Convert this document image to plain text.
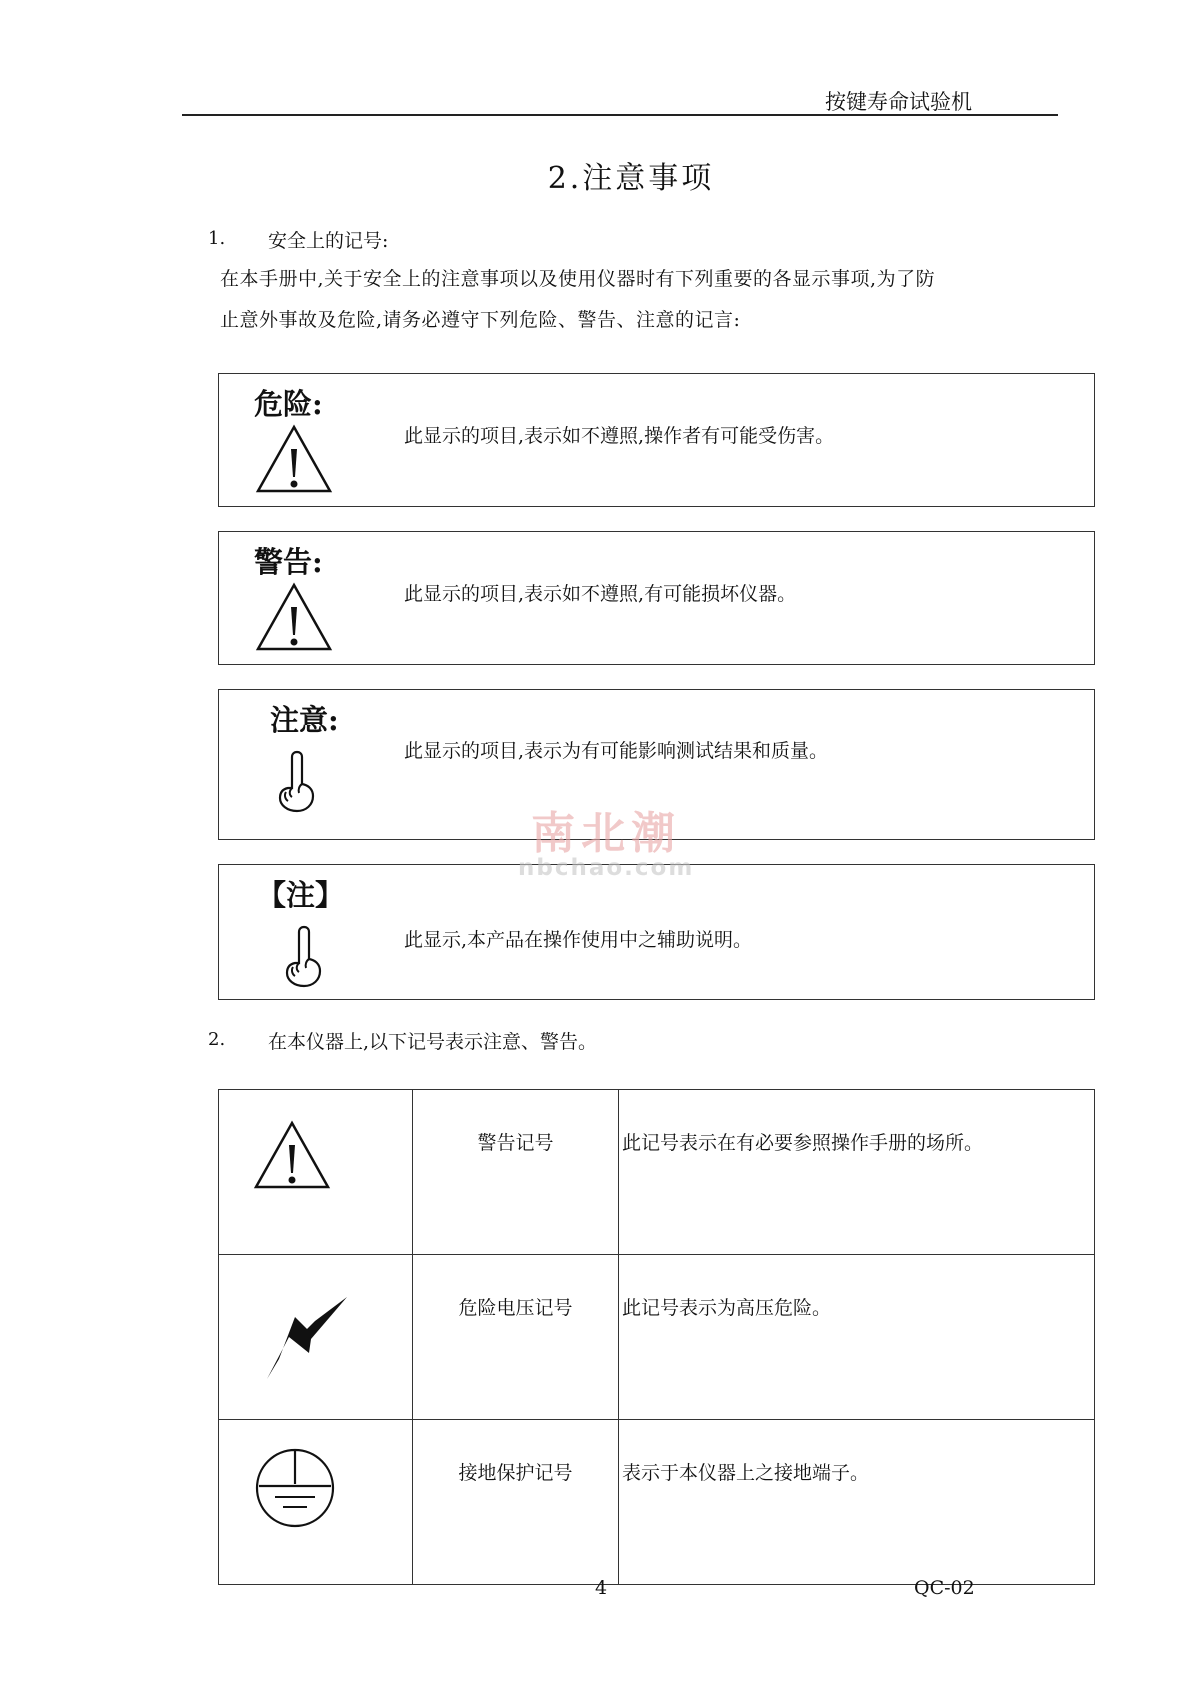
按键寿命试验机
2.注意事项
1. 安全上的记号:
在本手册中,关于安全上的注意事项以及使用仪器时有下列重要的各显示事项,为了防
止意外事故及危险,请务必遵守下列危险、警告、注意的记言:
危险:
此显示的项目,表示如不遵照,操作者有可能受伤害。
警告:
此显示的项目,表示如不遵照,有可能损坏仪器。
注意:
此显示的项目,表示为有可能影响测试结果和质量。
【注】
此显示,本产品在操作使用中之辅助说明。
南北潮
nbchao.com
2. 在本仪器上,以下记号表示注意、警告。
	警告记号	此记号表示在有必要参照操作手册的场所。

	危险电压记号	此记号表示为高压危险。

	接地保护记号	表示于本仪器上之接地端子。
4	QC-02
